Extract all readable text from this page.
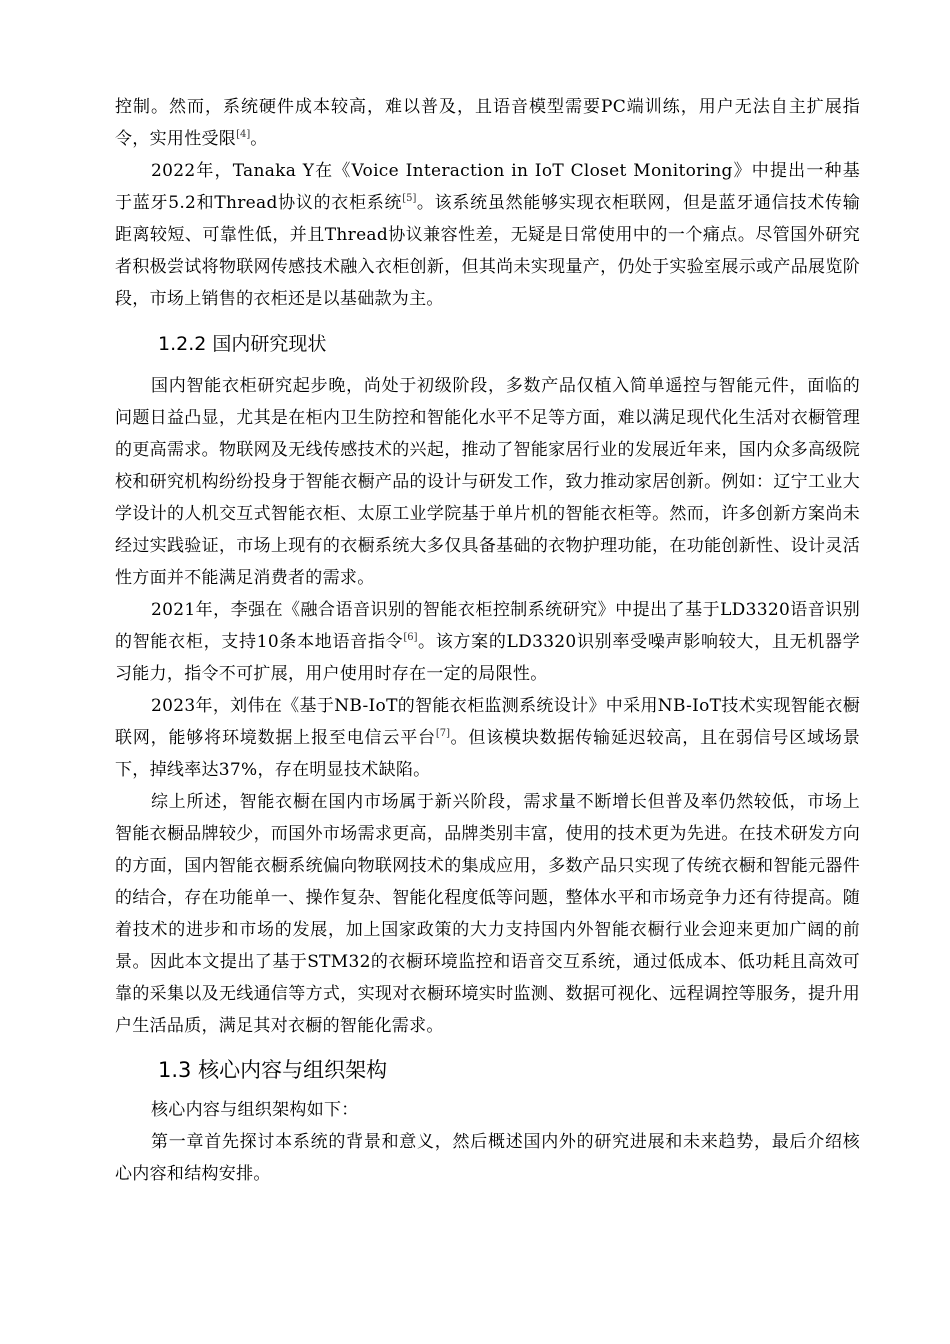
控制。然而，系统硬件成本较高，难以普及，且语音模型需要PC端训练，用户无法自主扩展指令，实用性受限[4]。

2022年，Tanaka Y在《Voice Interaction in IoT Closet Monitoring》中提出一种基于蓝牙5.2和Thread协议的衣柜系统[5]。该系统虽然能够实现衣柜联网，但是蓝牙通信技术传输距离较短、可靠性低，并且Thread协议兼容性差，无疑是日常使用中的一个痛点。尽管国外研究者积极尝试将物联网传感技术融入衣柜创新，但其尚未实现量产，仍处于实验室展示或产品展览阶段，市场上销售的衣柜还是以基础款为主。

1.2.2 国内研究现状

国内智能衣柜研究起步晚，尚处于初级阶段，多数产品仅植入简单遥控与智能元件，面临的问题日益凸显，尤其是在柜内卫生防控和智能化水平不足等方面，难以满足现代化生活对衣橱管理的更高需求。物联网及无线传感技术的兴起，推动了智能家居行业的发展近年来，国内众多高级院校和研究机构纷纷投身于智能衣橱产品的设计与研发工作，致力推动家居创新。例如：辽宁工业大学设计的人机交互式智能衣柜、太原工业学院基于单片机的智能衣柜等。然而，许多创新方案尚未经过实践验证，市场上现有的衣橱系统大多仅具备基础的衣物护理功能，在功能创新性、设计灵活性方面并不能满足消费者的需求。

2021年，李强在《融合语音识别的智能衣柜控制系统研究》中提出了基于LD3320语音识别的智能衣柜，支持10条本地语音指令[6]。该方案的LD3320识别率受噪声影响较大，且无机器学习能力，指令不可扩展，用户使用时存在一定的局限性。

2023年，刘伟在《基于NB-IoT的智能衣柜监测系统设计》中采用NB-IoT技术实现智能衣橱联网，能够将环境数据上报至电信云平台[7]。但该模块数据传输延迟较高，且在弱信号区域场景下，掉线率达37%，存在明显技术缺陷。

综上所述，智能衣橱在国内市场属于新兴阶段，需求量不断增长但普及率仍然较低，市场上智能衣橱品牌较少，而国外市场需求更高，品牌类别丰富，使用的技术更为先进。在技术研发方向的方面，国内智能衣橱系统偏向物联网技术的集成应用，多数产品只实现了传统衣橱和智能元器件的结合，存在功能单一、操作复杂、智能化程度低等问题，整体水平和市场竞争力还有待提高。随着技术的进步和市场的发展，加上国家政策的大力支持国内外智能衣橱行业会迎来更加广阔的前景。因此本文提出了基于STM32的衣橱环境监控和语音交互系统，通过低成本、低功耗且高效可靠的采集以及无线通信等方式，实现对衣橱环境实时监测、数据可视化、远程调控等服务，提升用户生活品质，满足其对衣橱的智能化需求。

1.3 核心内容与组织架构

核心内容与组织架构如下：

第一章首先探讨本系统的背景和意义，然后概述国内外的研究进展和未来趋势，最后介绍核心内容和结构安排。
